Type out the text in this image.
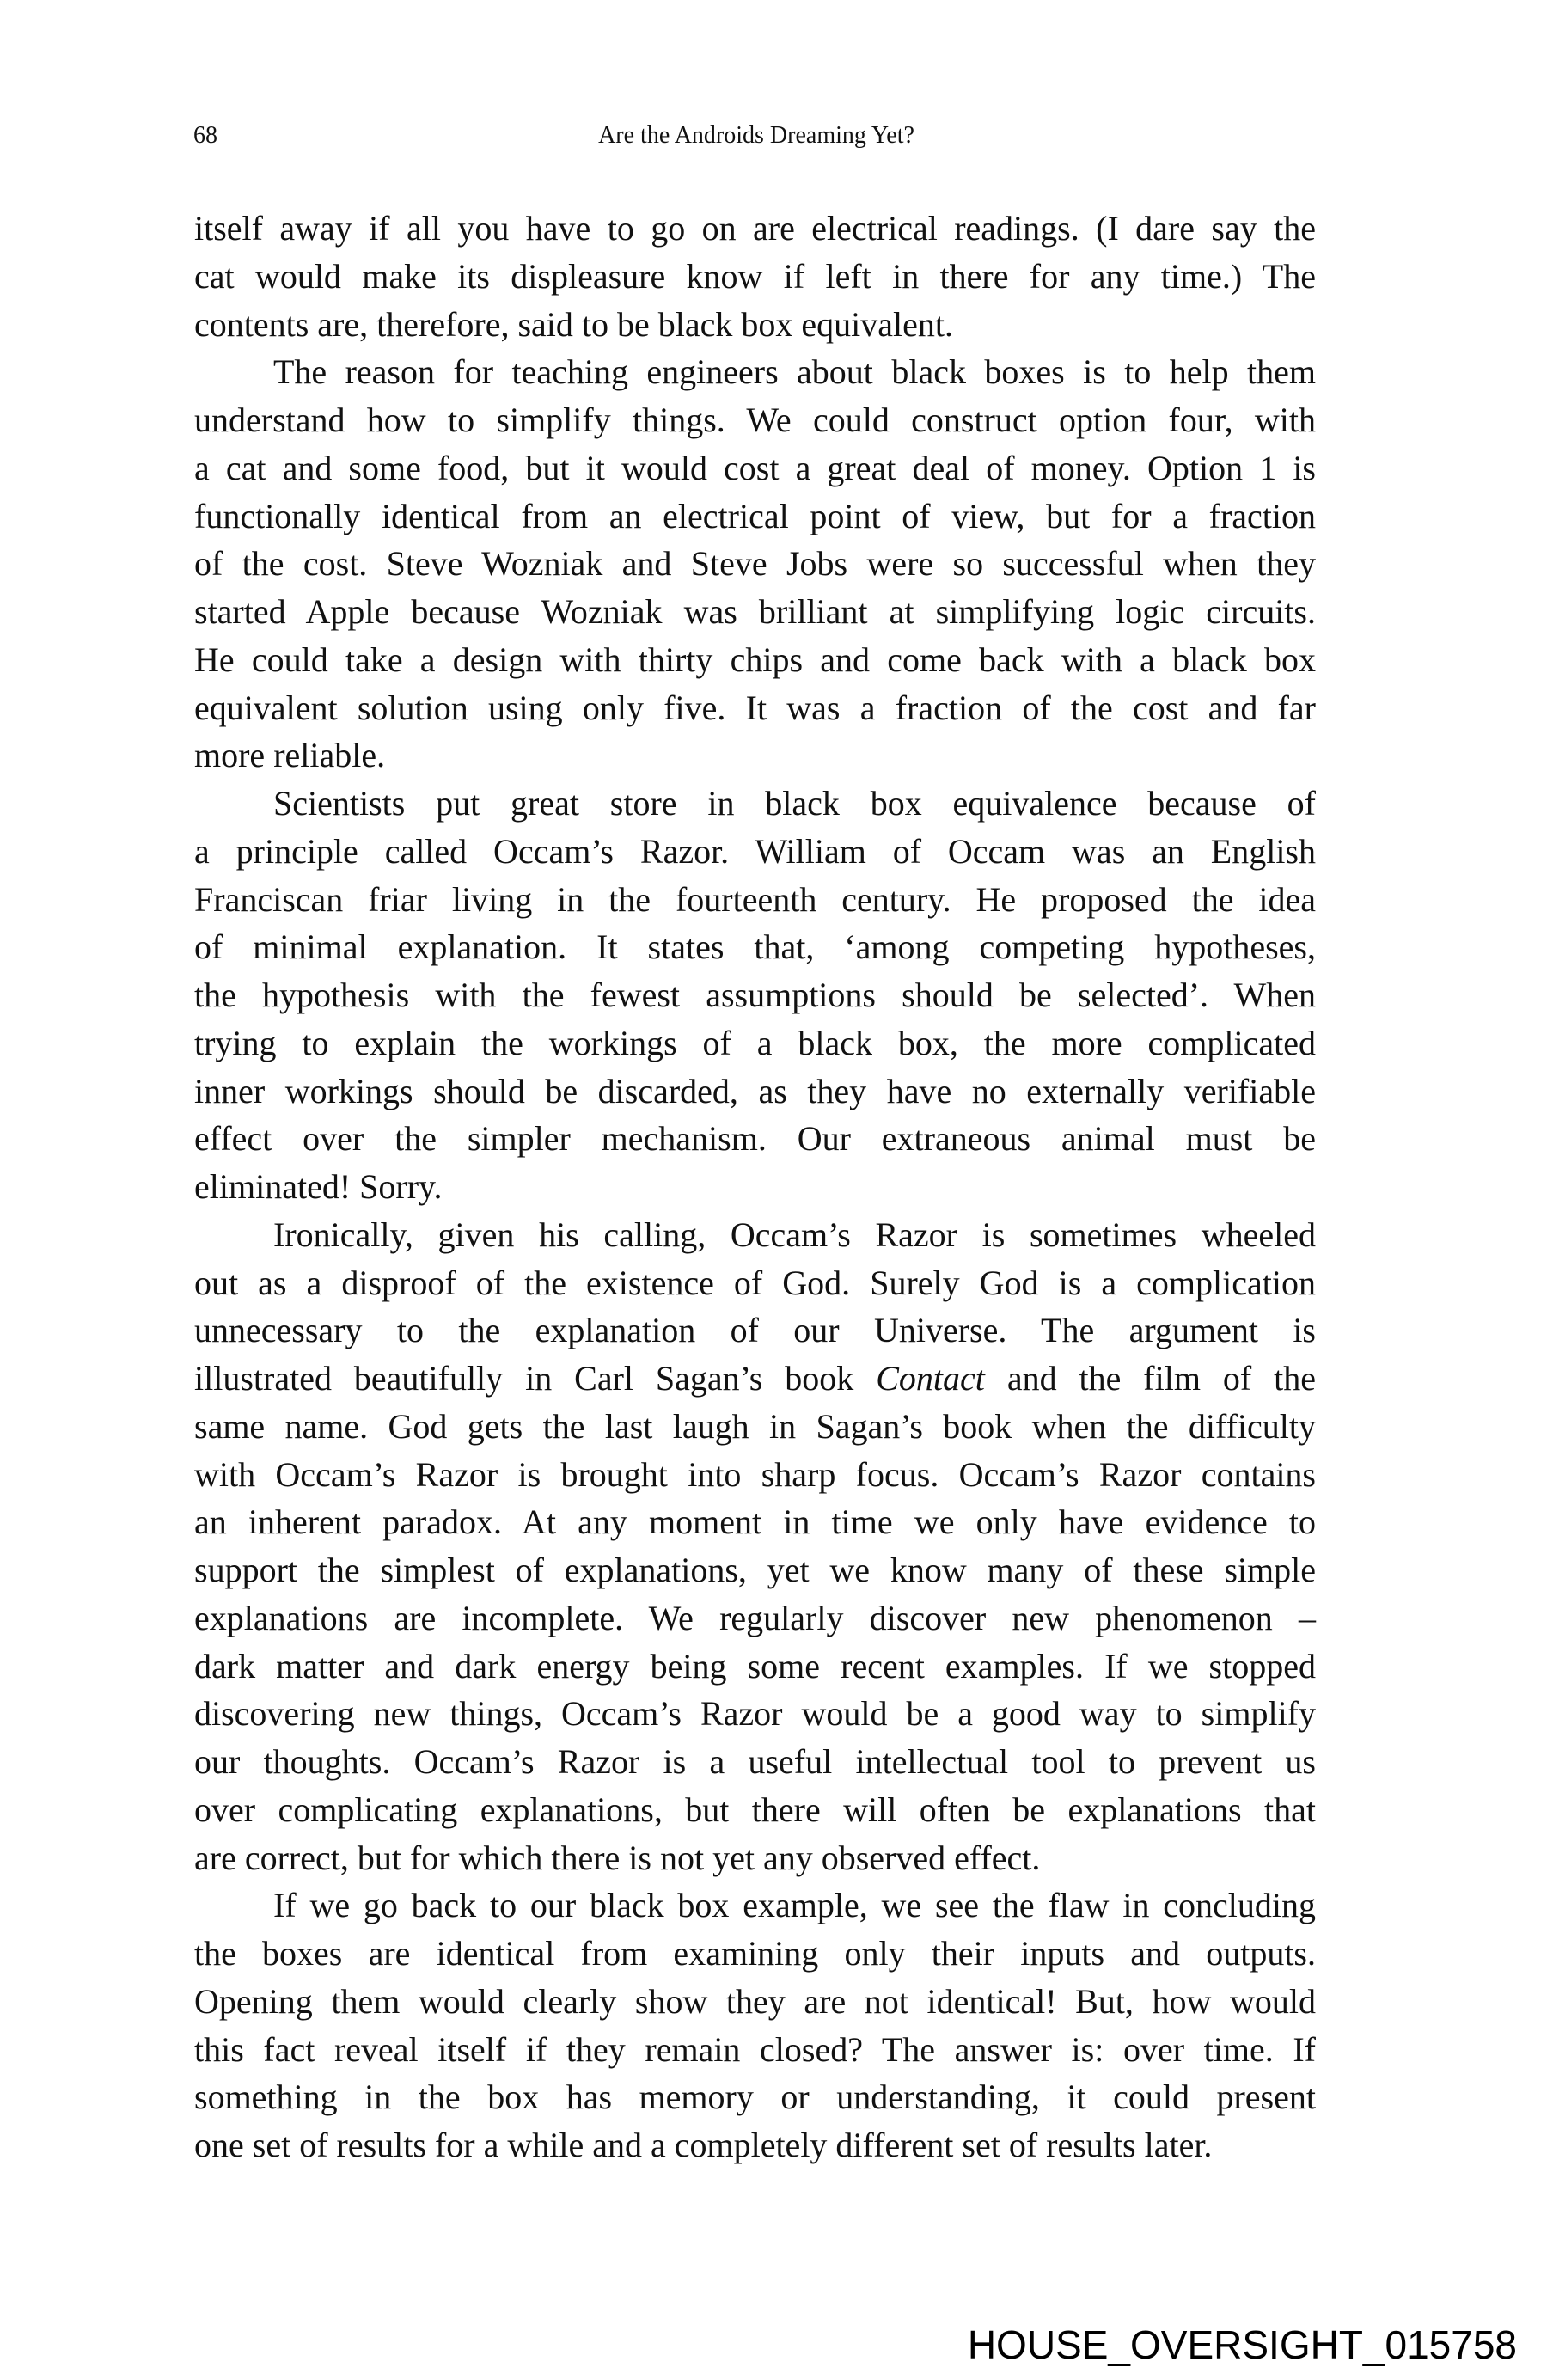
68	Are the Androids Dreaming Yet?
itself away if all you have to go on are electrical readings. (I dare say the
cat would make its displeasure know if left in there for any time.) The
contents are, therefore, said to be black box equivalent.
The reason for teaching engineers about black boxes is to help them
understand how to simplify things. We could construct option four, with
a cat and some food, but it would cost a great deal of money. Option 1 is
functionally identical from an electrical point of view, but for a fraction
of the cost. Steve Wozniak and Steve Jobs were so successful when they
started Apple because Wozniak was brilliant at simplifying logic circuits.
He could take a design with thirty chips and come back with a black box
equivalent solution using only five. It was a fraction of the cost and far
more reliable.
Scientists put great store in black box equivalence because of
a principle called Occam’s Razor. William of Occam was an English
Franciscan friar living in the fourteenth century. He proposed the idea
of minimal explanation. It states that, ‘among competing hypotheses,
the hypothesis with the fewest assumptions should be selected’. When
trying to explain the workings of a black box, the more complicated
inner workings should be discarded, as they have no externally verifiable
effect over the simpler mechanism. Our extraneous animal must be
eliminated! Sorry.
Ironically, given his calling, Occam’s Razor is sometimes wheeled
out as a disproof of the existence of God. Surely God is a complication
unnecessary to the explanation of our Universe. The argument is
illustrated beautifully in Carl Sagan’s book Contact and the film of the
same name. God gets the last laugh in Sagan’s book when the difficulty
with Occam’s Razor is brought into sharp focus. Occam’s Razor contains
an inherent paradox. At any moment in time we only have evidence to
support the simplest of explanations, yet we know many of these simple
explanations are incomplete. We regularly discover new phenomenon –
dark matter and dark energy being some recent examples. If we stopped
discovering new things, Occam’s Razor would be a good way to simplify
our thoughts. Occam’s Razor is a useful intellectual tool to prevent us
over complicating explanations, but there will often be explanations that
are correct, but for which there is not yet any observed effect.
If we go back to our black box example, we see the flaw in concluding
the boxes are identical from examining only their inputs and outputs.
Opening them would clearly show they are not identical! But, how would
this fact reveal itself if they remain closed? The answer is: over time. If
something in the box has memory or understanding, it could present
one set of results for a while and a completely different set of results later.
HOUSE_OVERSIGHT_015758
